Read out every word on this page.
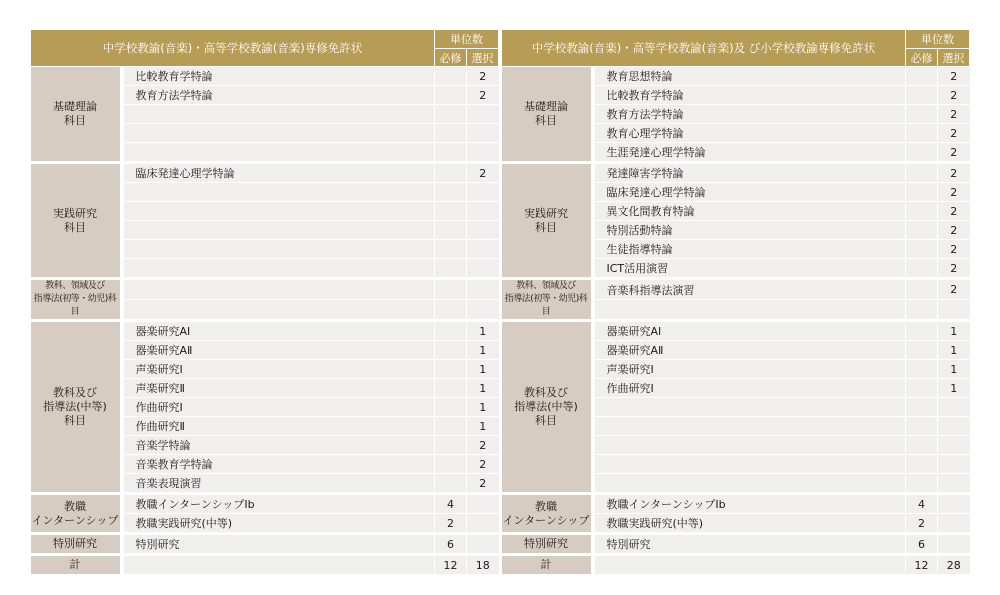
中学校教諭(音楽)・高等学校教諭(音楽)専修免許状			単位数	
			必修	選択
基礎理論
科目		比較教育学特論		2
		教育方法学特論		2

実践研究
科目		臨床発達心理学特論		2

教科、領域及び
指導法(初等・幼児)科目				

教科及び
指導法(中等)
科目		器楽研究AⅠ		1
		器楽研究AⅡ		1
		声楽研究Ⅰ		1
		声楽研究Ⅱ		1
		作曲研究Ⅰ		1
		作曲研究Ⅱ		1
		音楽学特論		2
		音楽教育学特論		2
		音楽表現演習		2
教職
インターンシップ		教職インターンシップⅠb	4	
		教職実践研究(中等)	2	
特別研究		特別研究	6	
計			12	18
中学校教諭(音楽)・高等学校教諭(音楽)及 び小学校教諭専修免許状			単位数	
			必修	選択
基礎理論
科目		教育思想特論		2
		比較教育学特論		2
		教育方法学特論		2
		教育心理学特論		2
		生涯発達心理学特論		2
実践研究
科目		発達障害学特論		2
		臨床発達心理学特論		2
		異文化間教育特論		2
		特別活動特論		2
		生徒指導特論		2
		ICT活用演習		2
教科、領域及び
指導法(初等・幼児)科目		音楽科指導法演習		2

教科及び
指導法(中等)
科目		器楽研究AⅠ		1
		器楽研究AⅡ		1
		声楽研究Ⅰ		1
		作曲研究Ⅰ		1

教職
インターンシップ		教職インターンシップⅠb	4	
		教職実践研究(中等)	2	
特別研究		特別研究	6	
計			12	28
